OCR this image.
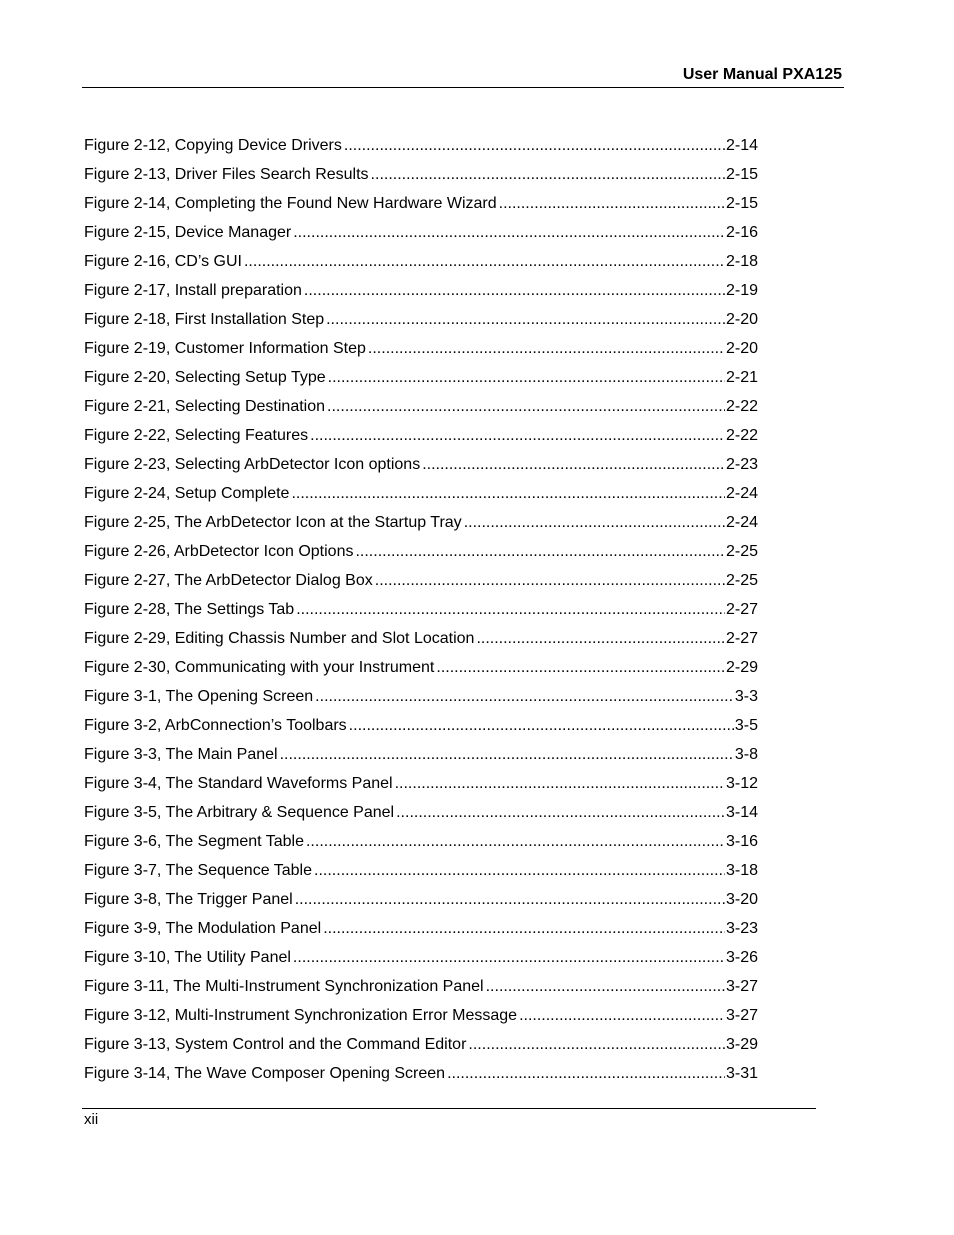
User Manual PXA125
Figure 2-12, Copying Device Drivers .....	2-14
Figure 2-13, Driver Files Search Results .....	2-15
Figure 2-14, Completing the Found New Hardware Wizard .....	2-15
Figure 2-15, Device Manager .....	2-16
Figure 2-16, CD’s GUI .....	2-18
Figure 2-17, Install preparation .....	2-19
Figure 2-18, First Installation Step .....	2-20
Figure 2-19, Customer Information Step .....	2-20
Figure 2-20, Selecting Setup Type .....	2-21
Figure 2-21, Selecting Destination .....	2-22
Figure 2-22, Selecting Features .....	2-22
Figure 2-23, Selecting ArbDetector Icon options .....	2-23
Figure 2-24, Setup Complete .....	2-24
Figure 2-25, The ArbDetector Icon at the Startup Tray .....	2-24
Figure 2-26, ArbDetector Icon Options .....	2-25
Figure 2-27, The ArbDetector Dialog Box .....	2-25
Figure 2-28, The Settings Tab .....	2-27
Figure 2-29, Editing Chassis Number and Slot Location .....	2-27
Figure 2-30, Communicating with your Instrument .....	2-29
Figure 3-1, The Opening Screen .....	3-3
Figure 3-2, ArbConnection’s Toolbars .....	3-5
Figure 3-3, The Main Panel .....	3-8
Figure 3-4, The Standard Waveforms Panel .....	3-12
Figure 3-5, The Arbitrary & Sequence Panel .....	3-14
Figure 3-6, The Segment Table .....	3-16
Figure 3-7, The Sequence Table .....	3-18
Figure 3-8, The Trigger Panel .....	3-20
Figure 3-9, The Modulation Panel .....	3-23
Figure 3-10, The Utility Panel .....	3-26
Figure 3-11, The Multi-Instrument Synchronization Panel .....	3-27
Figure 3-12, Multi-Instrument Synchronization Error Message .....	3-27
Figure 3-13, System Control and the Command Editor .....	3-29
Figure 3-14, The Wave Composer Opening Screen .....	3-31
xii
